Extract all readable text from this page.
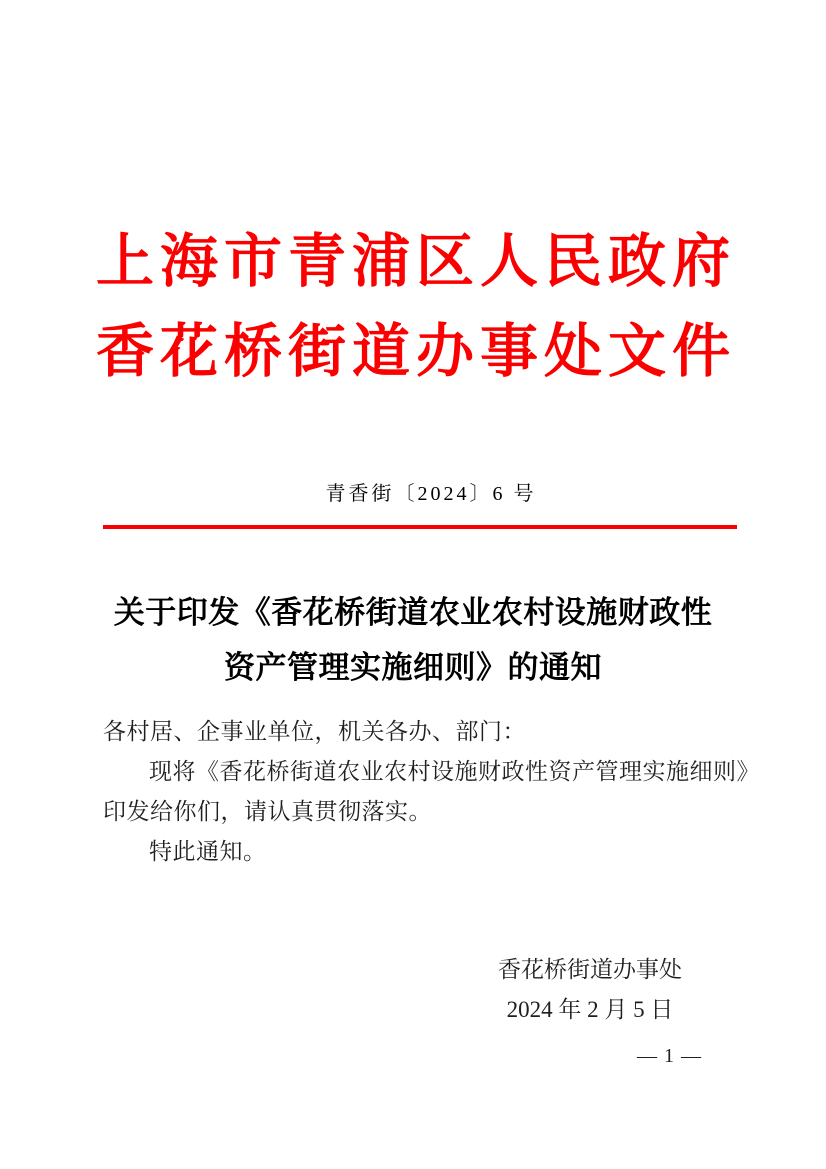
上海市青浦区人民政府
香花桥街道办事处文件
青香街〔2024〕6 号
关于印发《香花桥街道农业农村设施财政性
资产管理实施细则》的通知
各村居、企事业单位，机关各办、部门：
现将《香花桥街道农业农村设施财政性资产管理实施细则》
印发给你们，请认真贯彻落实。
特此通知。
香花桥街道办事处
2024 年 2 月 5 日
— 1 —
